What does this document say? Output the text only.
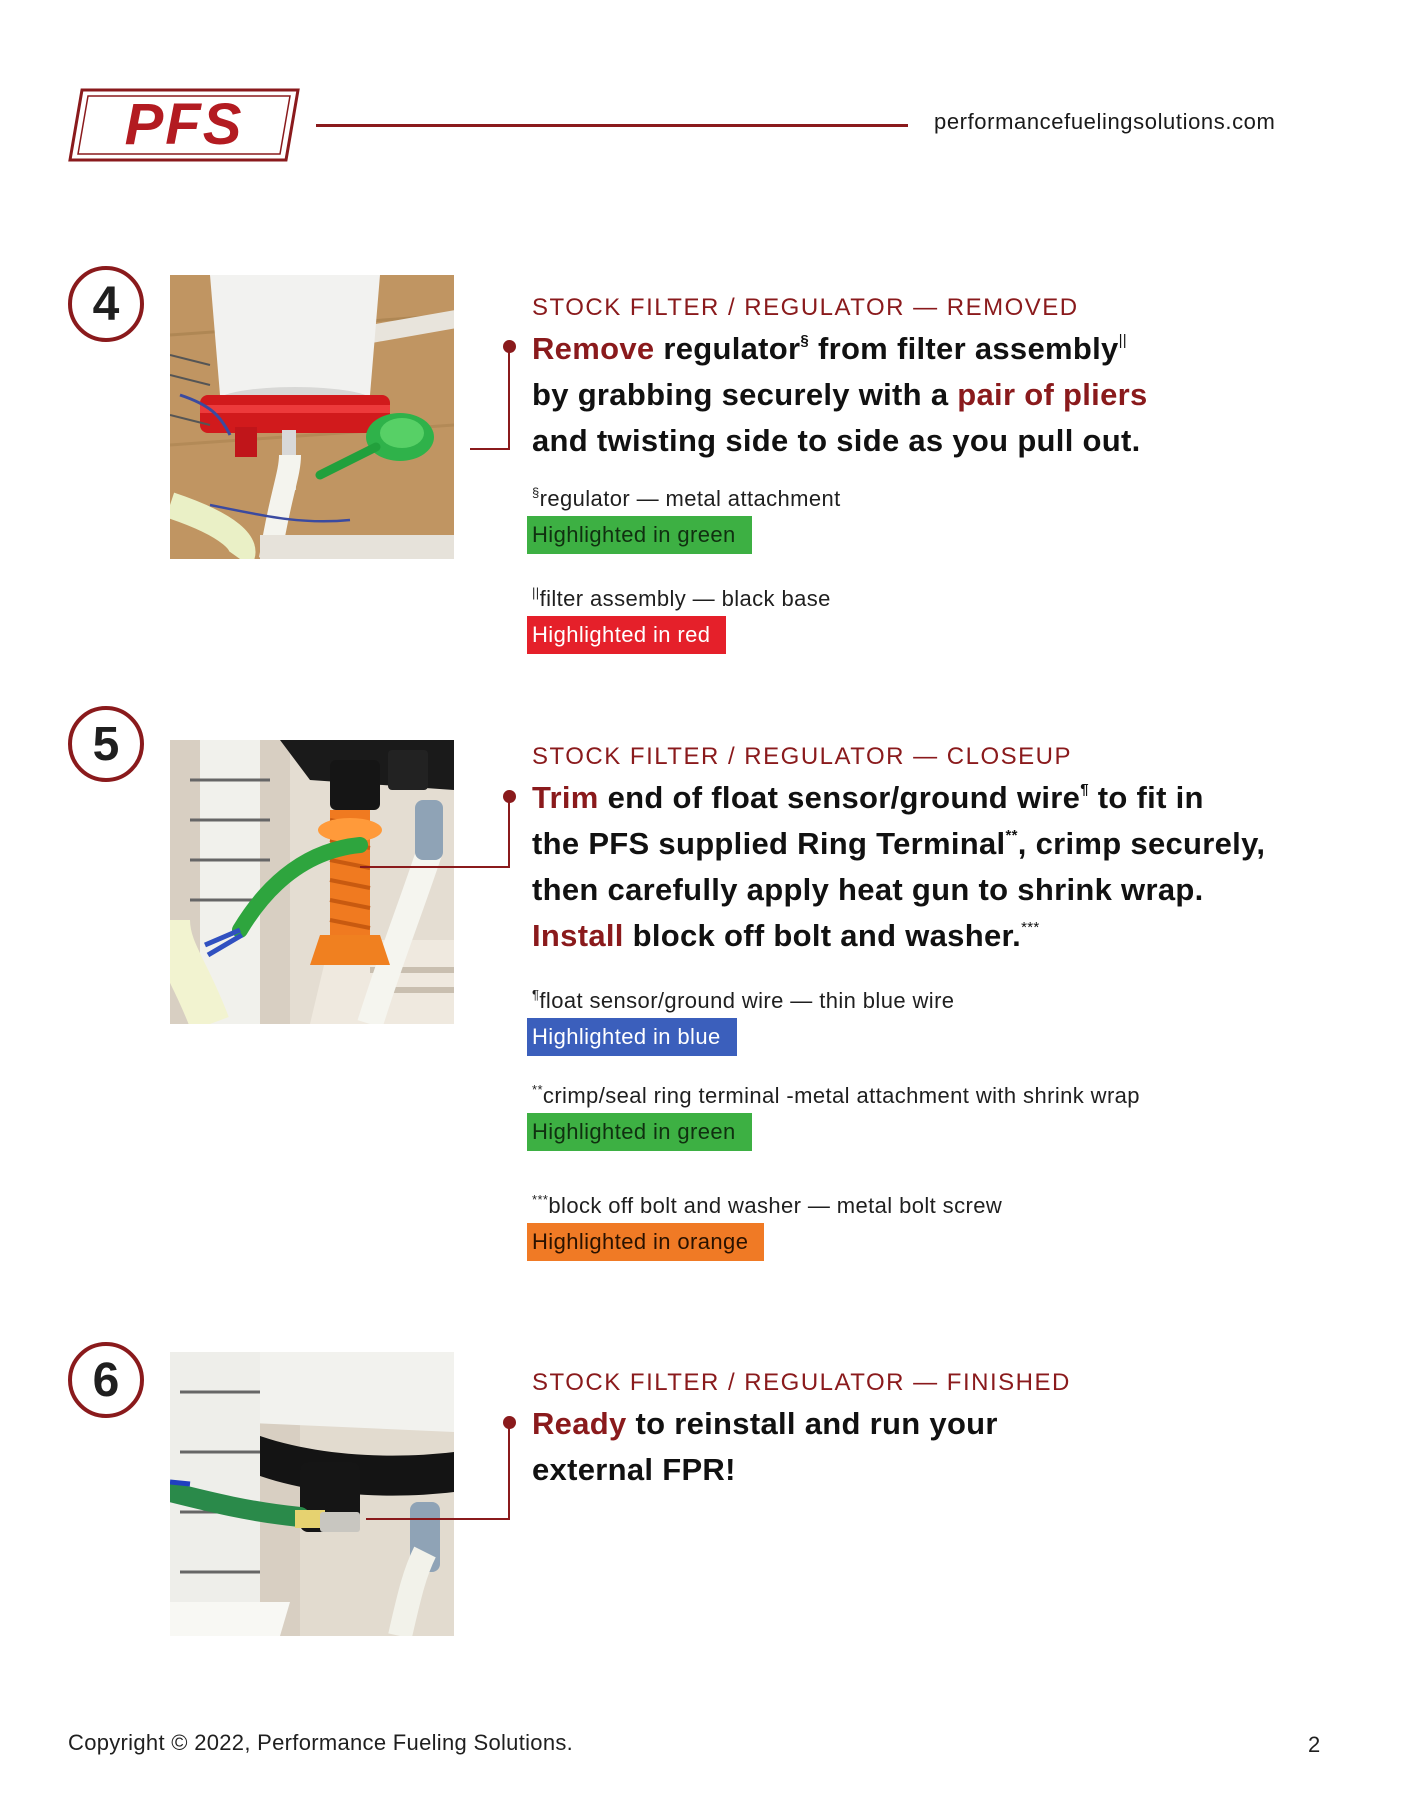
PFS	performancefuelingsolutions.com
4	STOCK FILTER / REGULATOR — REMOVED
Remove regulator§ from filter assembly||
by grabbing securely with a pair of pliers
and twisting side to side as you pull out.
§regulator — metal attachment
Highlighted in green
||filter assembly — black base
Highlighted in red
5	STOCK FILTER / REGULATOR — CLOSEUP
Trim end of float sensor/ground wire¶ to fit in
the PFS supplied Ring Terminal**, crimp securely,
then carefully apply heat gun to shrink wrap.
Install block off bolt and washer.***
¶float sensor/ground wire — thin blue wire
Highlighted in blue
**crimp/seal ring terminal -metal attachment with shrink wrap
Highlighted in green
***block off bolt and washer — metal bolt screw
Highlighted in orange
6	STOCK FILTER / REGULATOR — FINISHED
Ready to reinstall and run your
external FPR!
Copyright © 2022, Performance Fueling Solutions.	2
